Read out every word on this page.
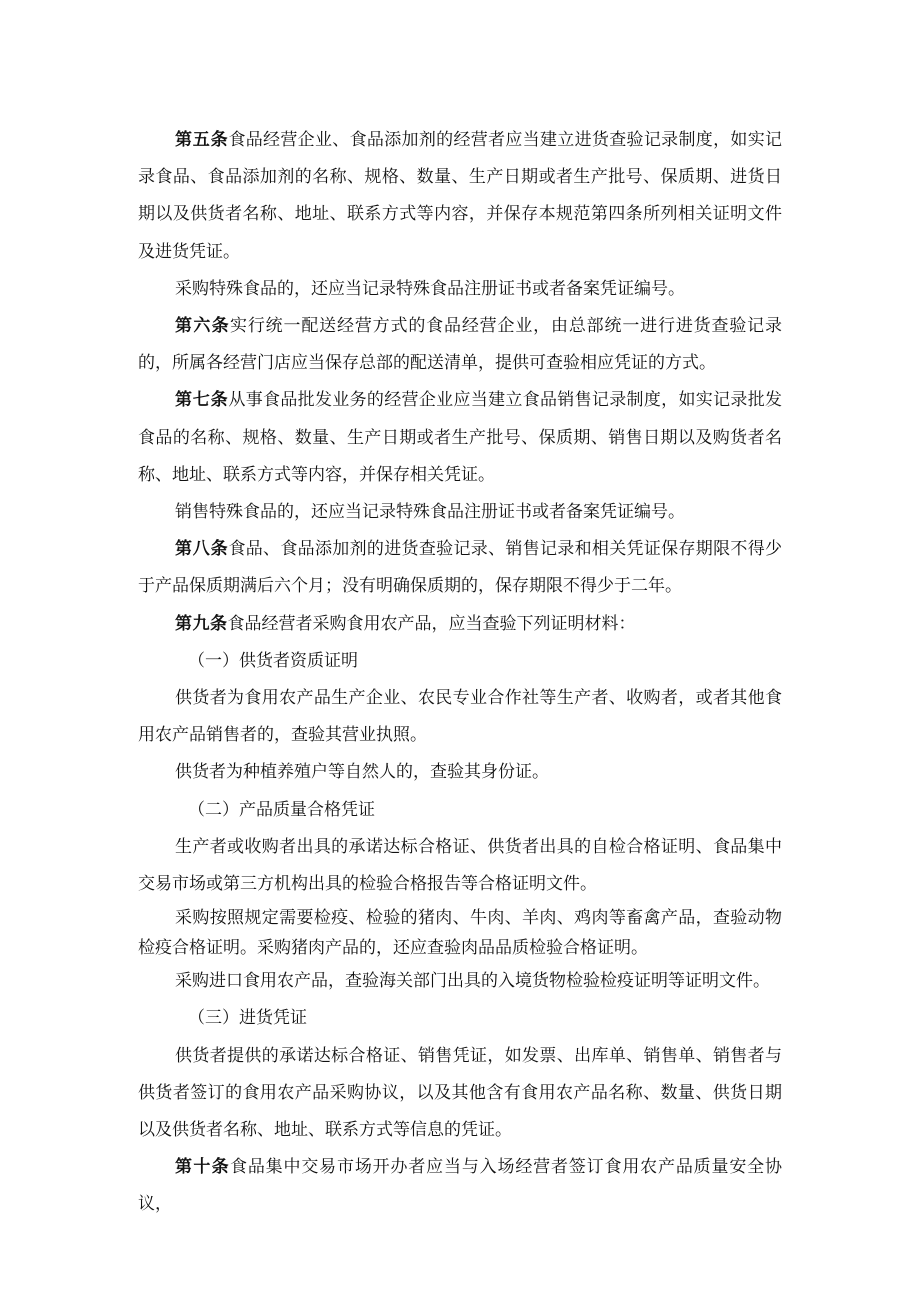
第五条食品经营企业、食品添加剂的经营者应当建立进货查验记录制度，如实记录食品、食品添加剂的名称、规格、数量、生产日期或者生产批号、保质期、进货日期以及供货者名称、地址、联系方式等内容，并保存本规范第四条所列相关证明文件及进货凭证。

采购特殊食品的，还应当记录特殊食品注册证书或者备案凭证编号。

第六条实行统一配送经营方式的食品经营企业，由总部统一进行进货查验记录的，所属各经营门店应当保存总部的配送清单，提供可查验相应凭证的方式。

第七条从事食品批发业务的经营企业应当建立食品销售记录制度，如实记录批发食品的名称、规格、数量、生产日期或者生产批号、保质期、销售日期以及购货者名称、地址、联系方式等内容，并保存相关凭证。

销售特殊食品的，还应当记录特殊食品注册证书或者备案凭证编号。

第八条食品、食品添加剂的进货查验记录、销售记录和相关凭证保存期限不得少于产品保质期满后六个月；没有明确保质期的，保存期限不得少于二年。

第九条食品经营者采购食用农产品，应当查验下列证明材料：

（一）供货者资质证明

供货者为食用农产品生产企业、农民专业合作社等生产者、收购者，或者其他食用农产品销售者的，查验其营业执照。

供货者为种植养殖户等自然人的，查验其身份证。

（二）产品质量合格凭证

生产者或收购者出具的承诺达标合格证、供货者出具的自检合格证明、食品集中交易市场或第三方机构出具的检验合格报告等合格证明文件。

采购按照规定需要检疫、检验的猪肉、牛肉、羊肉、鸡肉等畜禽产品，查验动物检疫合格证明。采购猪肉产品的，还应查验肉品品质检验合格证明。

采购进口食用农产品，查验海关部门出具的入境货物检验检疫证明等证明文件。

（三）进货凭证

供货者提供的承诺达标合格证、销售凭证，如发票、出库单、销售单、销售者与供货者签订的食用农产品采购协议，以及其他含有食用农产品名称、数量、供货日期以及供货者名称、地址、联系方式等信息的凭证。

第十条食品集中交易市场开办者应当与入场经营者签订食用农产品质量安全协议，
